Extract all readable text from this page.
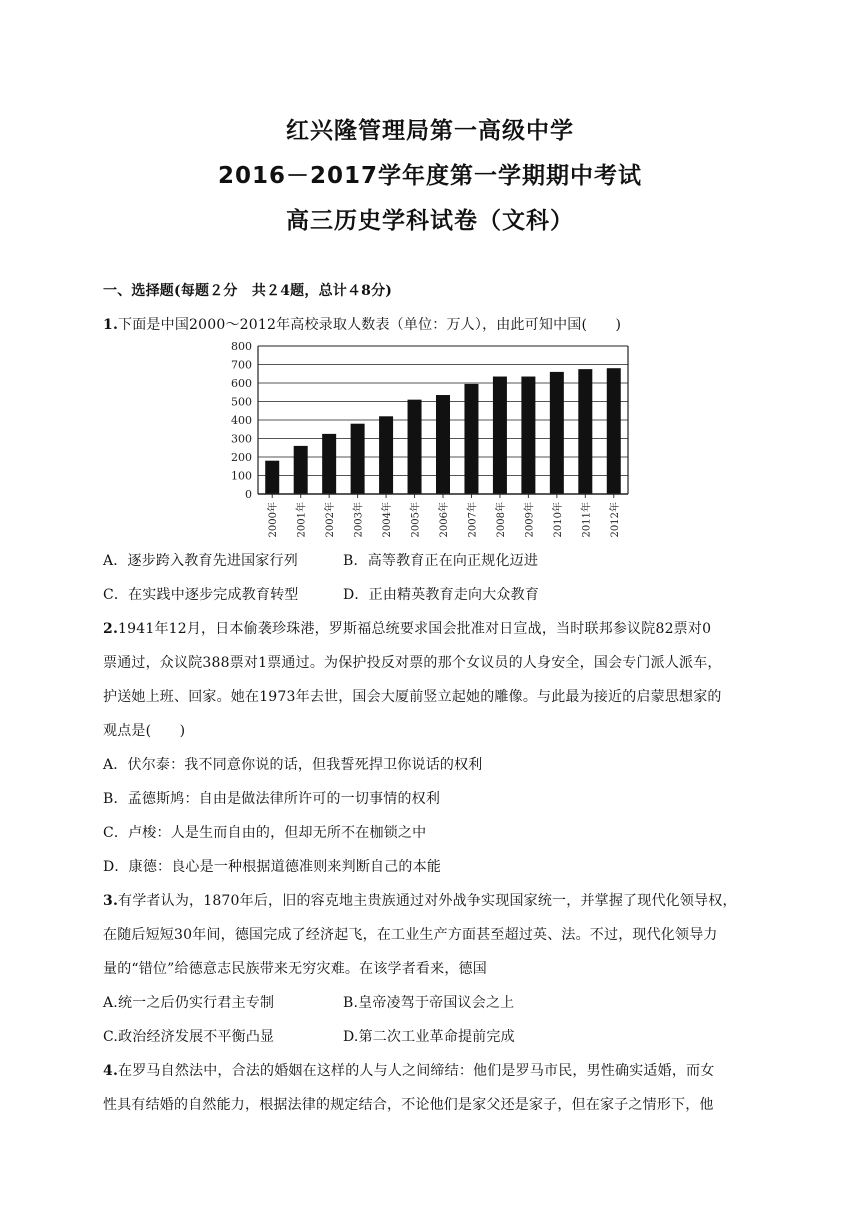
红兴隆管理局第一高级中学
2016－2017学年度第一学期期中考试
高三历史学科试卷（文科）
一、选择题(每题２分　共２4题，总计４8分)
1.下面是中国2000～2012年高校录取人数表（单位：万人），由此可知中国(　　)
0
100
200
300
400
500
600
700
800
2000年 2001年 2002年 2003年 2004年 2005年 2006年 2007年 2008年 2009年 2010年 2011年 2012年
A．逐步跨入教育先进国家行列	B．高等教育正在向正规化迈进
C．在实践中逐步完成教育转型	D．正由精英教育走向大众教育
2.1941年12月，日本偷袭珍珠港，罗斯福总统要求国会批准对日宣战，当时联邦参议院82票对0
票通过，众议院388票对1票通过。为保护投反对票的那个女议员的人身安全，国会专门派人派车，
护送她上班、回家。她在1973年去世，国会大厦前竖立起她的雕像。与此最为接近的启蒙思想家的
观点是(　　)
A．伏尔泰：我不同意你说的话，但我誓死捍卫你说话的权利
B．孟德斯鸠：自由是做法律所许可的一切事情的权利
C．卢梭：人是生而自由的，但却无所不在枷锁之中
D．康德：良心是一种根据道德准则来判断自己的本能
3.有学者认为，1870年后，旧的容克地主贵族通过对外战争实现国家统一，并掌握了现代化领导权，
在随后短短30年间，德国完成了经济起飞，在工业生产方面甚至超过英、法。不过，现代化领导力
量的“错位”给德意志民族带来无穷灾难。在该学者看来，德国
A.统一之后仍实行君主专制	B.皇帝凌驾于帝国议会之上
C.政治经济发展不平衡凸显	D.第二次工业革命提前完成
4.在罗马自然法中，合法的婚姻在这样的人与人之间缔结：他们是罗马市民，男性确实适婚，而女
性具有结婚的自然能力，根据法律的规定结合，不论他们是家父还是家子，但在家子之情形下，他
